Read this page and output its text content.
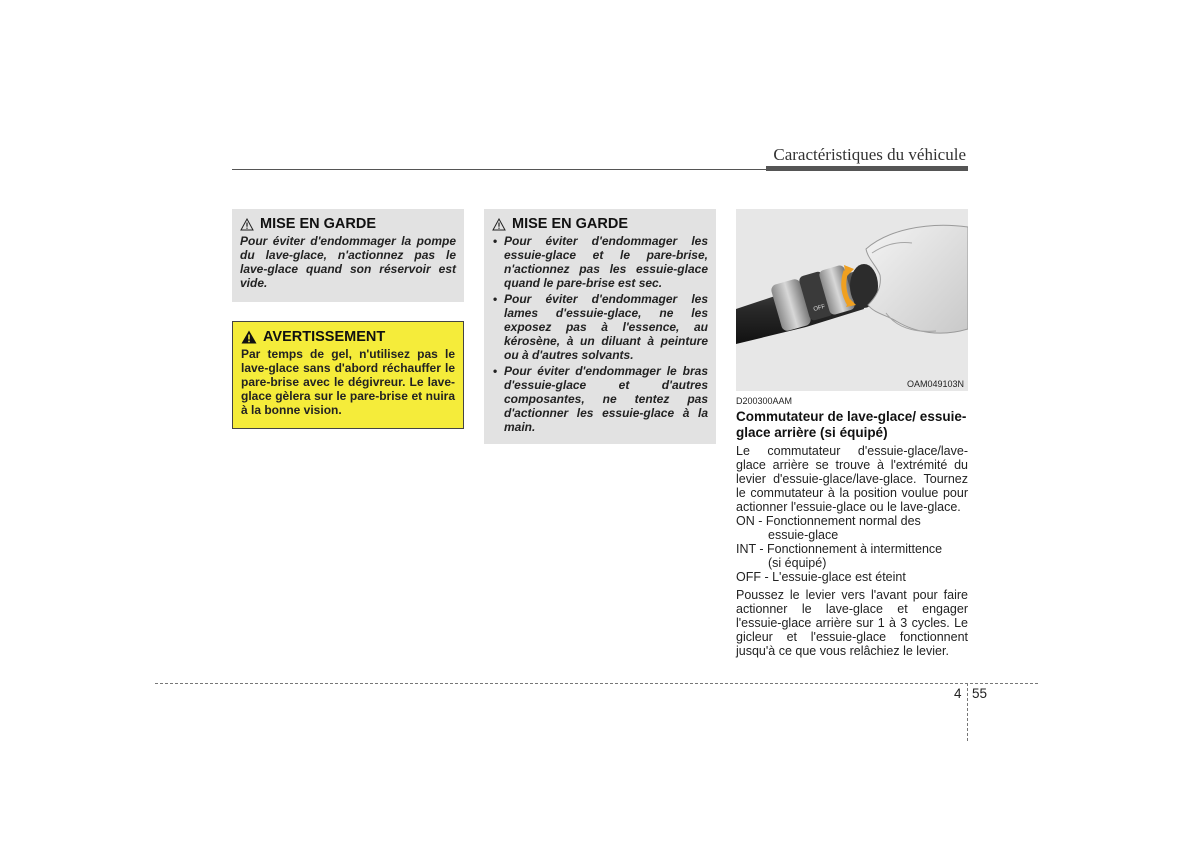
Caractéristiques du véhicule
MISE EN GARDE
Pour éviter d'endommager la pompe du lave-glace, n'actionnez pas le lave-glace quand son réservoir est vide.
AVERTISSEMENT
Par temps de gel, n'utilisez pas le lave-glace sans d'abord réchauffer le pare-brise avec le dégivreur. Le lave-glace gèlera sur le pare-brise et nuira à la bonne vision.
MISE EN GARDE
• Pour éviter d'endommager les essuie-glace et le pare-brise, n'actionnez pas les essuie-glace quand le pare-brise est sec.
• Pour éviter d'endommager les lames d'essuie-glace, ne les exposez pas à l'essence, au kérosène, à un diluant à peinture ou à d'autres solvants.
• Pour éviter d'endommager le bras d'essuie-glace et d'autres composantes, ne tentez pas d'actionner les essuie-glace à la main.
OFF
OAM049103N
D200300AAM
Commutateur de lave-glace/ essuie-glace arrière (si équipé)

Le commutateur d'essuie-glace/lave-glace arrière se trouve à l'extrémité du levier d'essuie-glace/lave-glace. Tournez le commutateur à la position voulue pour actionner l'essuie-glace ou le lave-glace.

ON - Fonctionnement normal des
essuie-glace
INT - Fonctionnement à intermittence
(si équipé)
OFF - L'essuie-glace est éteint

Poussez le levier vers l'avant pour faire actionner le lave-glace et engager l'essuie-glace arrière sur 1 à 3 cycles. Le gicleur et l'essuie-glace fonctionnent jusqu'à ce que vous relâchiez le levier.

4 55
